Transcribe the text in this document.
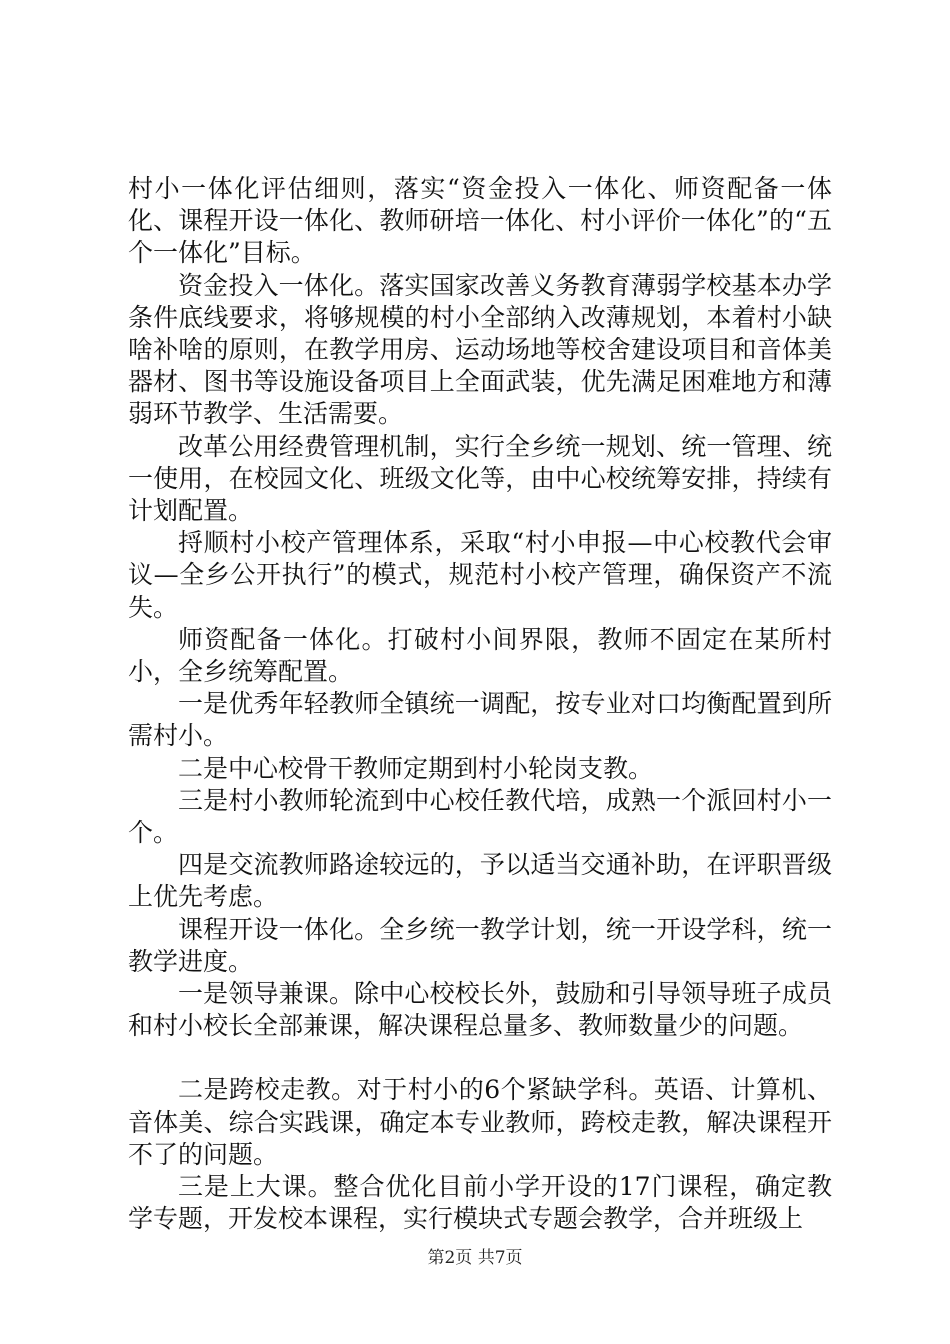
村小一体化评估细则，落实“资金投入一体化、师资配备一体化、课程开设一体化、教师研培一体化、村小评价一体化”的“五个一体化”目标。

资金投入一体化。落实国家改善义务教育薄弱学校基本办学条件底线要求，将够规模的村小全部纳入改薄规划，本着村小缺啥补啥的原则，在教学用房、运动场地等校舍建设项目和音体美器材、图书等设施设备项目上全面武装，优先满足困难地方和薄弱环节教学、生活需要。

改革公用经费管理机制，实行全乡统一规划、统一管理、统一使用，在校园文化、班级文化等，由中心校统筹安排，持续有计划配置。

捋顺村小校产管理体系，采取“村小申报—中心校教代会审议—全乡公开执行”的模式，规范村小校产管理，确保资产不流失。

师资配备一体化。打破村小间界限，教师不固定在某所村小，全乡统筹配置。

一是优秀年轻教师全镇统一调配，按专业对口均衡配置到所需村小。

二是中心校骨干教师定期到村小轮岗支教。

三是村小教师轮流到中心校任教代培，成熟一个派回村小一个。

四是交流教师路途较远的，予以适当交通补助，在评职晋级上优先考虑。

课程开设一体化。全乡统一教学计划，统一开设学科，统一教学进度。

一是领导兼课。除中心校校长外，鼓励和引导领导班子成员和村小校长全部兼课，解决课程总量多、教师数量少的问题。

二是跨校走教。对于村小的6个紧缺学科。英语、计算机、音体美、综合实践课，确定本专业教师，跨校走教，解决课程开不了的问题。

三是上大课。整合优化目前小学开设的17门课程，确定教学专题，开发校本课程，实行模块式专题会教学，合并班级上

第2页 共7页
